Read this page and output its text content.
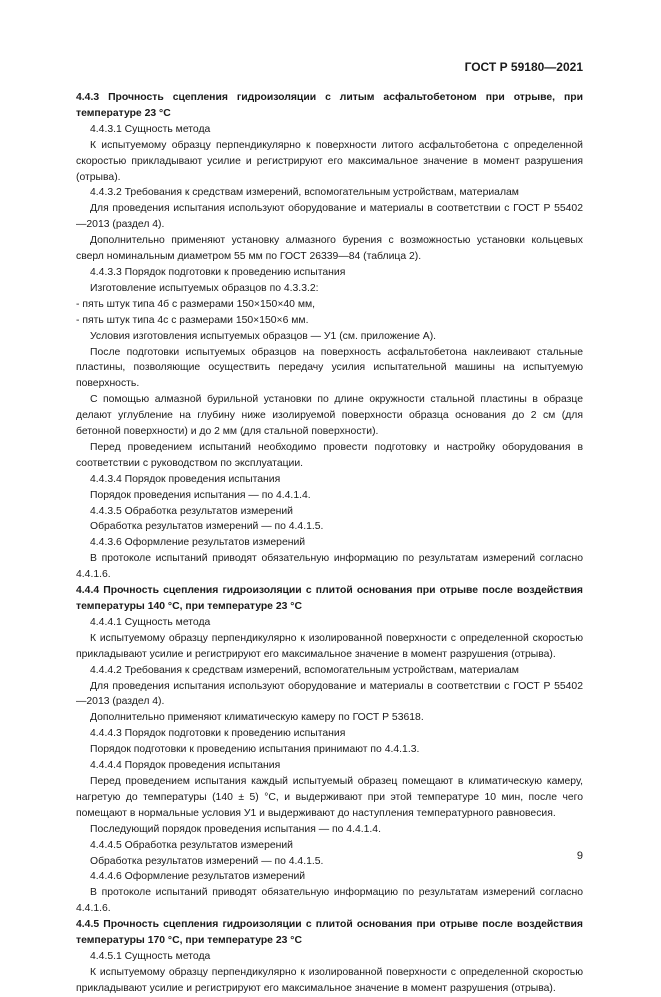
ГОСТ Р 59180—2021

4.4.3 Прочность сцепления гидроизоляции с литым асфальтобетоном при отрыве, при температуре 23 °С

4.4.3.1 Сущность метода

К испытуемому образцу перпендикулярно к поверхности литого асфальтобетона с определенной скоростью прикладывают усилие и регистрируют его максимальное значение в момент разрушения (отрыва).

4.4.3.2 Требования к средствам измерений, вспомогательным устройствам, материалам

Для проведения испытания используют оборудование и материалы в соответствии с ГОСТ Р 55402—2013 (раздел 4).

Дополнительно применяют установку алмазного бурения с возможностью установки кольцевых сверл номинальным диаметром 55 мм по ГОСТ 26339—84 (таблица 2).

4.4.3.3 Порядок подготовки к проведению испытания

Изготовление испытуемых образцов по 4.3.3.2:

- пять штук типа 4б с размерами 150×150×40 мм,

- пять штук типа 4с с размерами 150×150×6 мм.

Условия изготовления испытуемых образцов — У1 (см. приложение А).

После подготовки испытуемых образцов на поверхность асфальтобетона наклеивают стальные пластины, позволяющие осуществить передачу усилия испытательной машины на испытуемую поверхность.

С помощью алмазной бурильной установки по длине окружности стальной пластины в образце делают углубление на глубину ниже изолируемой поверхности образца основания до 2 см (для бетонной поверхности) и до 2 мм (для стальной поверхности).

Перед проведением испытаний необходимо провести подготовку и настройку оборудования в соответствии с руководством по эксплуатации.

4.4.3.4 Порядок проведения испытания

Порядок проведения испытания — по 4.4.1.4.

4.4.3.5 Обработка результатов измерений

Обработка результатов измерений — по 4.4.1.5.

4.4.3.6 Оформление результатов измерений

В протоколе испытаний приводят обязательную информацию по результатам измерений согласно 4.4.1.6.

4.4.4 Прочность сцепления гидроизоляции с плитой основания при отрыве после воздействия температуры 140 °С, при температуре 23 °С

4.4.4.1 Сущность метода

К испытуемому образцу перпендикулярно к изолированной поверхности с определенной скоростью прикладывают усилие и регистрируют его максимальное значение в момент разрушения (отрыва).

4.4.4.2 Требования к средствам измерений, вспомогательным устройствам, материалам

Для проведения испытания используют оборудование и материалы в соответствии с ГОСТ Р 55402—2013 (раздел 4).

Дополнительно применяют климатическую камеру по ГОСТ Р 53618.

4.4.4.3 Порядок подготовки к проведению испытания

Порядок подготовки к проведению испытания принимают по 4.4.1.3.

4.4.4.4 Порядок проведения испытания

Перед проведением испытания каждый испытуемый образец помещают в климатическую камеру, нагретую до температуры (140 ± 5) °С, и выдерживают при этой температуре 10 мин, после чего помещают в нормальные условия У1 и выдерживают до наступления температурного равновесия.

Последующий порядок проведения испытания — по 4.4.1.4.

4.4.4.5 Обработка результатов измерений

Обработка результатов измерений — по 4.4.1.5.

4.4.4.6 Оформление результатов измерений

В протоколе испытаний приводят обязательную информацию по результатам измерений согласно 4.4.1.6.

4.4.5 Прочность сцепления гидроизоляции с плитой основания при отрыве после воздействия температуры 170 °С, при температуре 23 °С

4.4.5.1 Сущность метода

К испытуемому образцу перпендикулярно к изолированной поверхности с определенной скоростью прикладывают усилие и регистрируют его максимальное значение в момент разрушения (отрыва).

9
